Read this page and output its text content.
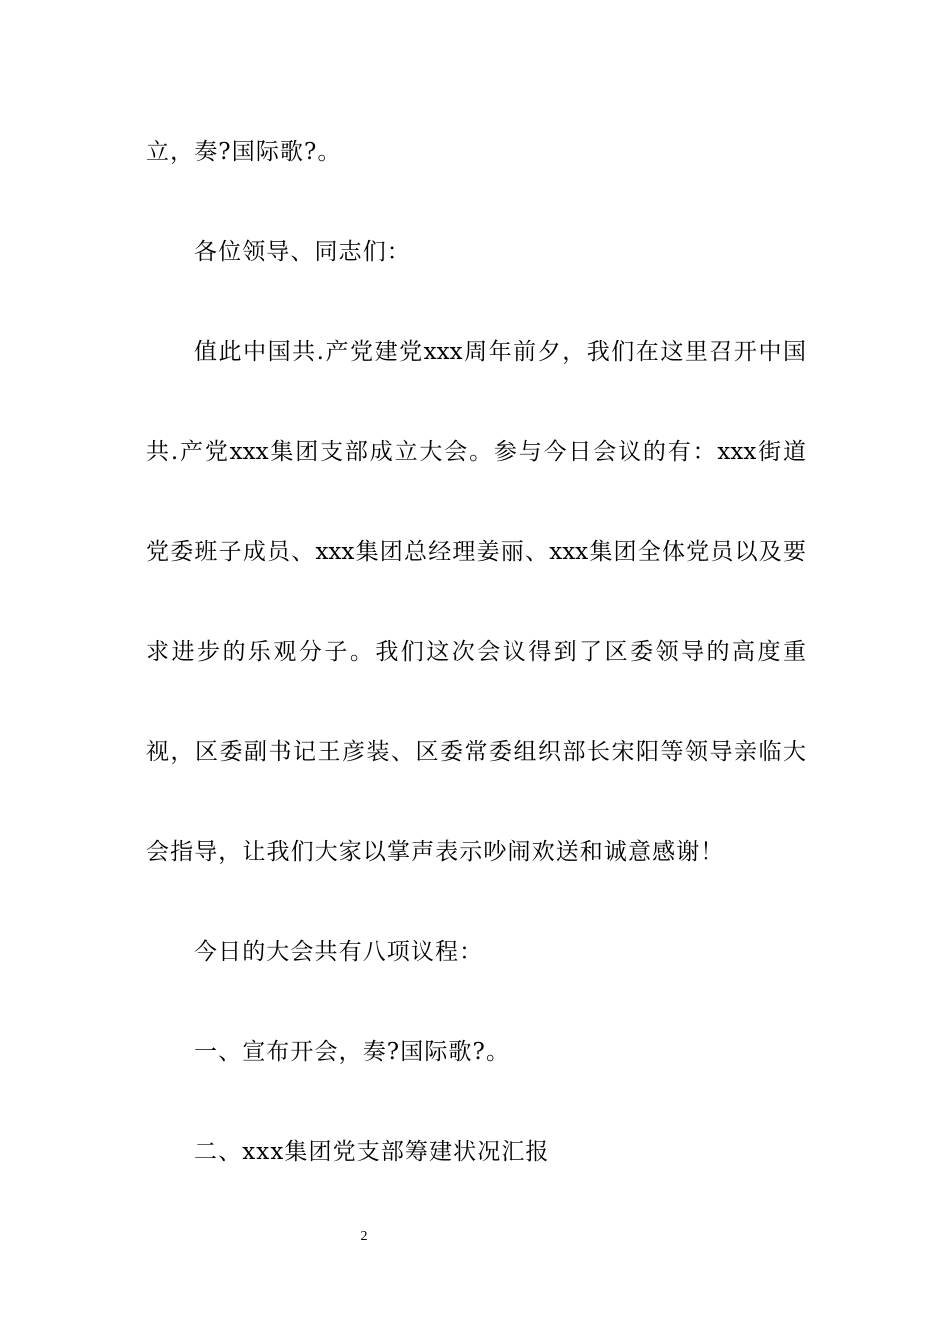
立，奏?国际歌?。

各位领导、同志们：

值此中国共.产党建党xxx周年前夕，我们在这里召开中国

共.产党xxx集团支部成立大会。参与今日会议的有：xxx街道

党委班子成员、xxx集团总经理姜丽、xxx集团全体党员以及要

求进步的乐观分子。我们这次会议得到了区委领导的高度重

视，区委副书记王彦装、区委常委组织部长宋阳等领导亲临大

会指导，让我们大家以掌声表示吵闹欢送和诚意感谢！

今日的大会共有八项议程：

一、宣布开会，奏?国际歌?。

二、xxx集团党支部筹建状况汇报

2
